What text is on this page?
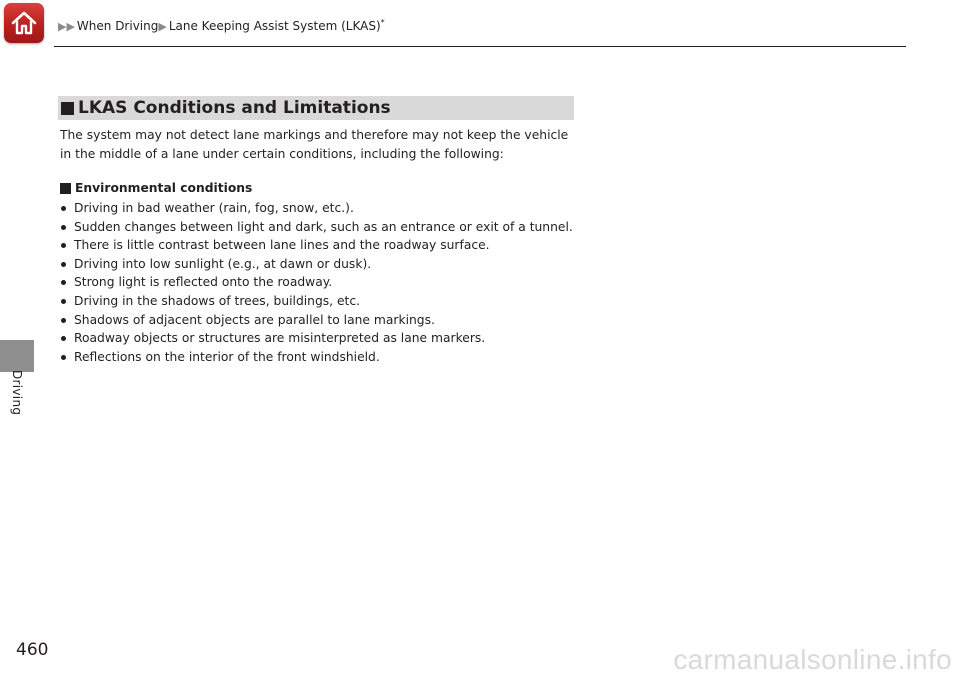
▶▶ When Driving▶ Lane Keeping Assist System (LKAS)*
Driving
LKAS Conditions and Limitations
The system may not detect lane markings and therefore may not keep the vehicle in the middle of a lane under certain conditions, including the following:
Environmental conditions
Driving in bad weather (rain, fog, snow, etc.).
Sudden changes between light and dark, such as an entrance or exit of a tunnel.
There is little contrast between lane lines and the roadway surface.
Driving into low sunlight (e.g., at dawn or dusk).
Strong light is reflected onto the roadway.
Driving in the shadows of trees, buildings, etc.
Shadows of adjacent objects are parallel to lane markings.
Roadway objects or structures are misinterpreted as lane markers.
Reflections on the interior of the front windshield.
460	carmanualsonline.info
